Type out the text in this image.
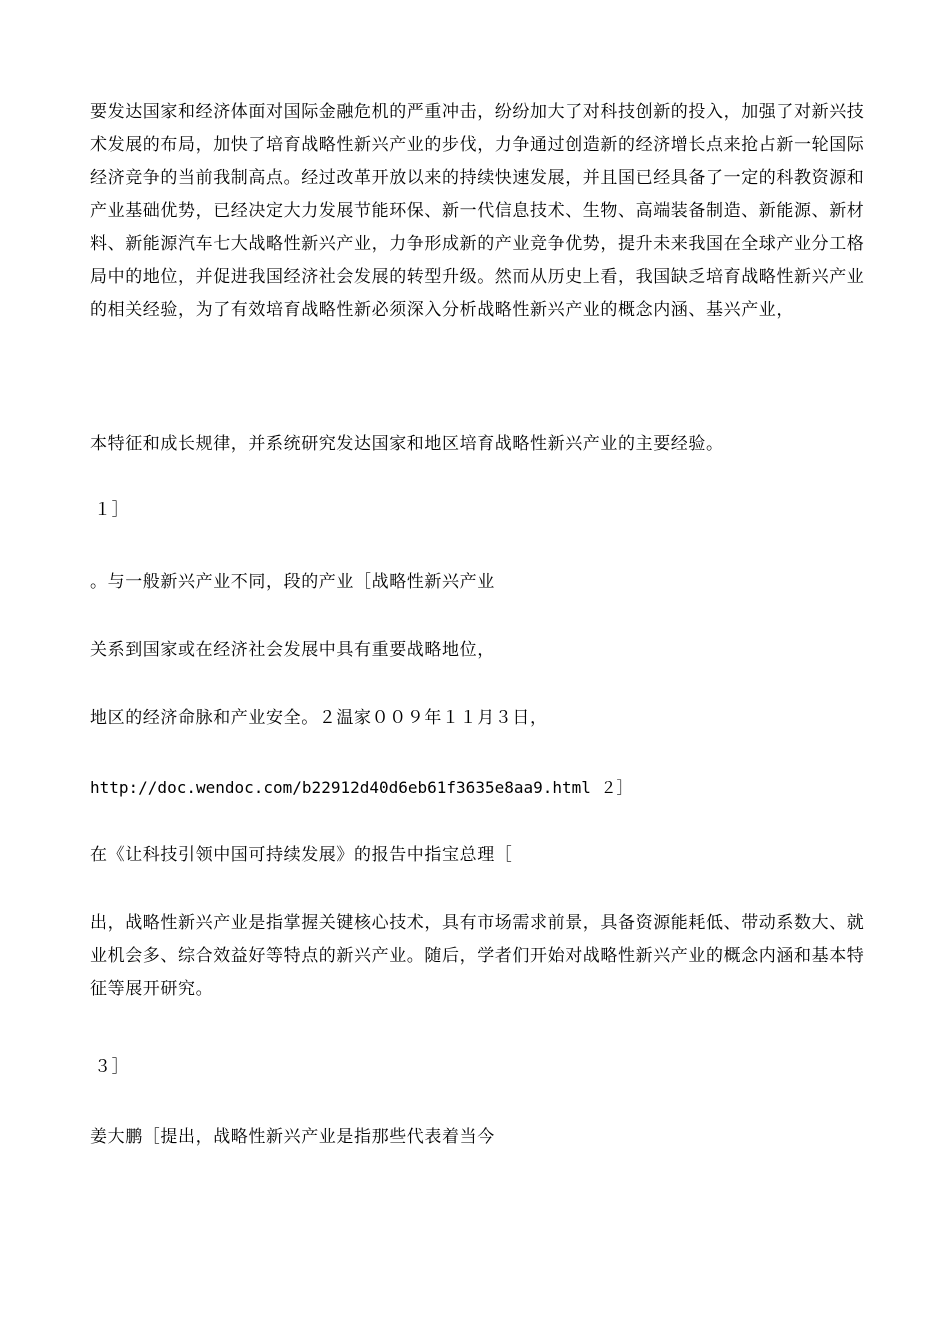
要发达国家和经济体面对国际金融危机的严重冲击，纷纷加大了对科技创新的投入，加强了对新兴技术发展的布局，加快了培育战略性新兴产业的步伐，力争通过创造新的经济增长点来抢占新一轮国际经济竞争的当前我制高点。经过改革开放以来的持续快速发展，并且国已经具备了一定的科教资源和产业基础优势，已经决定大力发展节能环保、新一代信息技术、生物、高端装备制造、新能源、新材料、新能源汽车七大战略性新兴产业，力争形成新的产业竞争优势，提升未来我国在全球产业分工格局中的地位，并促进我国经济社会发展的转型升级。然而从历史上看，我国缺乏培育战略性新兴产业的相关经验，为了有效培育战略性新必须深入分析战略性新兴产业的概念内涵、基兴产业，

本特征和成长规律，并系统研究发达国家和地区培育战略性新兴产业的主要经验。

１］

。与一般新兴产业不同，段的产业［战略性新兴产业

关系到国家或在经济社会发展中具有重要战略地位，

地区的经济命脉和产业安全。２温家００９年１１月３日，

http://doc.wendoc.com/b22912d40d6eb61f3635e8aa9.html ２］

在《让科技引领中国可持续发展》的报告中指宝总理［

出，战略性新兴产业是指掌握关键核心技术，具有市场需求前景，具备资源能耗低、带动系数大、就业机会多、综合效益好等特点的新兴产业。随后，学者们开始对战略性新兴产业的概念内涵和基本特征等展开研究。

３］

姜大鹏［提出，战略性新兴产业是指那些代表着当今
